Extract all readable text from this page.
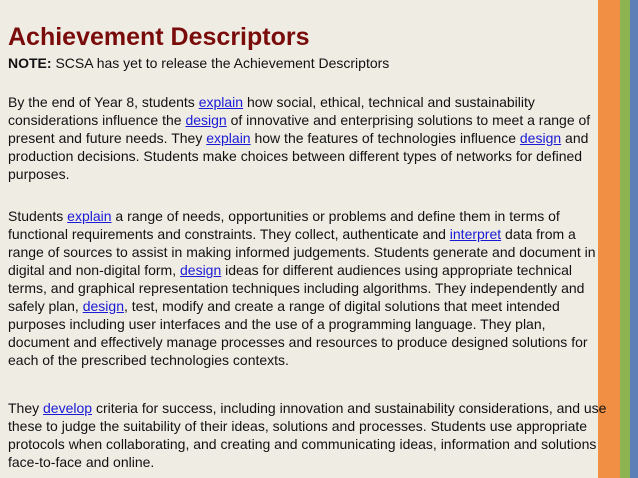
Achievement Descriptors
NOTE: SCSA has yet to release the Achievement Descriptors
By the end of Year 8, students explain how social, ethical, technical and sustainability
considerations influence the design of innovative and enterprising solutions to meet a range of
present and future needs. They explain how the features of technologies influence design and
production decisions. Students make choices between different types of networks for defined
purposes.
Students explain a range of needs, opportunities or problems and define them in terms of
functional requirements and constraints. They collect, authenticate and interpret data from a
range of sources to assist in making informed judgements. Students generate and document in
digital and non-digital form, design ideas for different audiences using appropriate technical
terms, and graphical representation techniques including algorithms. They independently and
safely plan, design, test, modify and create a range of digital solutions that meet intended
purposes including user interfaces and the use of a programming language. They plan,
document and effectively manage processes and resources to produce designed solutions for
each of the prescribed technologies contexts.
They develop criteria for success, including innovation and sustainability considerations, and use
these to judge the suitability of their ideas, solutions and processes. Students use appropriate
protocols when collaborating, and creating and communicating ideas, information and solutions
face-to-face and online.
